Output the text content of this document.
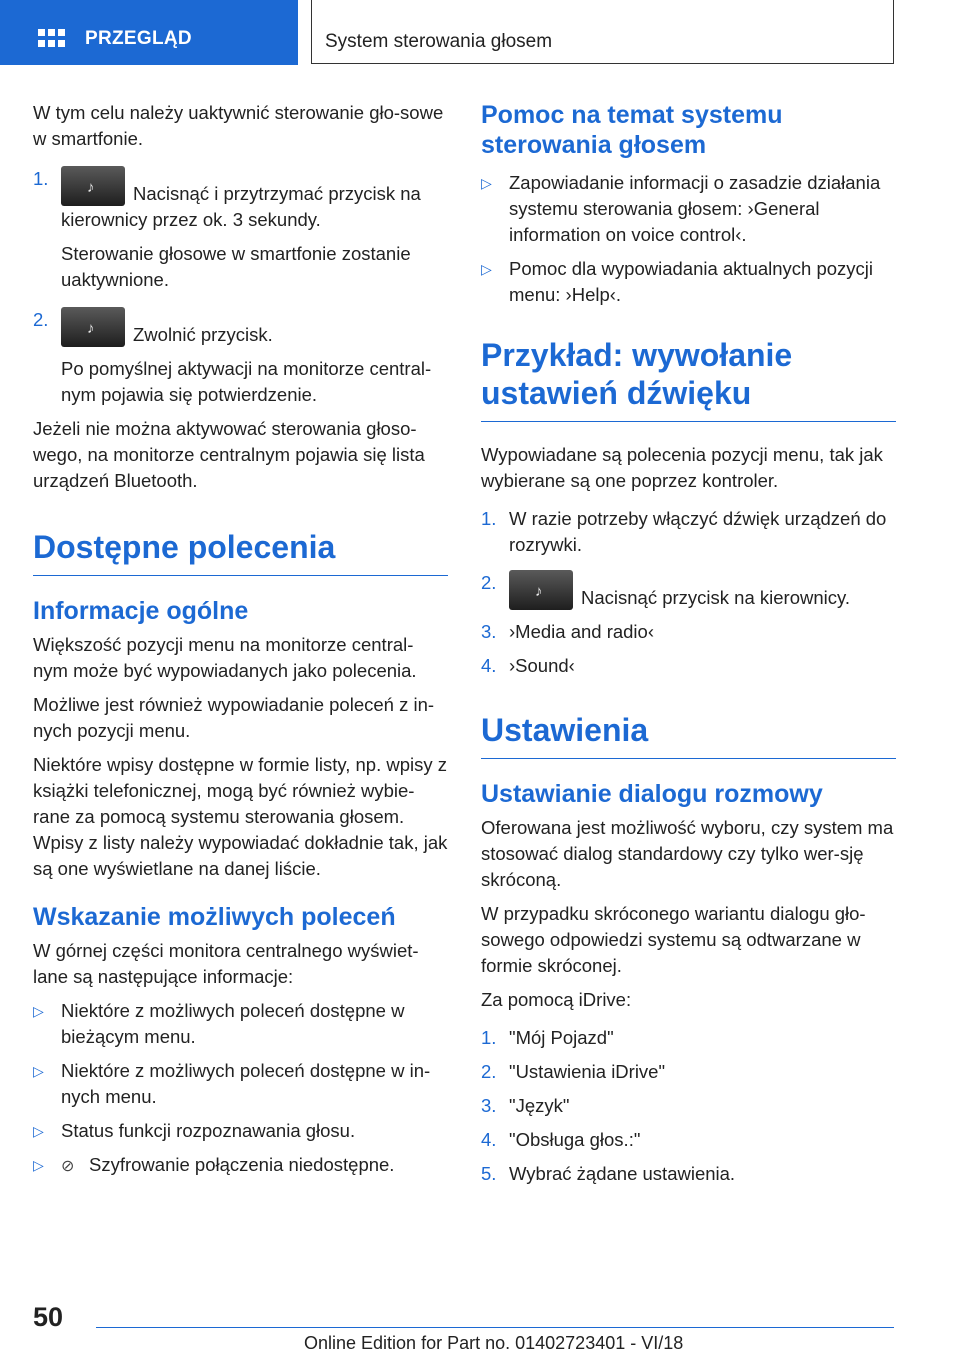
PRZEGLĄD	System sterowania głosem

W tym celu należy uaktywnić sterowanie gło-sowe w smartfonie.

1.
♪Nacisnąć i przytrzymać przycisk na kierownicy przez ok. 3 sekundy.
Sterowanie głosowe w smartfonie zostanie uaktywnione.
2.
♪Zwolnić przycisk.
Po pomyślnej aktywacji na monitorze central-nym pojawia się potwierdzenie.

Jeżeli nie można aktywować sterowania głoso-wego, na monitorze centralnym pojawia się lista urządzeń Bluetooth.

Dostępne polecenia
Informacje ogólne

Większość pozycji menu na monitorze central-nym może być wypowiadanych jako polecenia.

Możliwe jest również wypowiadanie poleceń z in-nych pozycji menu.

Niektóre wpisy dostępne w formie listy, np. wpisy z książki telefonicznej, mogą być również wybie-rane za pomocą systemu sterowania głosem. Wpisy z listy należy wypowiadać dokładnie tak, jak są one wyświetlane na danej liście.

Wskazanie możliwych poleceń

W górnej części monitora centralnego wyświet-lane są następujące informacje:

▷ Niektóre z możliwych poleceń dostępne w bieżącym menu.
▷ Niektóre z możliwych poleceń dostępne w in-nych menu.
▷ Status funkcji rozpoznawania głosu.
▷	⊘ Szyfrowanie połączenia niedostępne.
Pomoc na temat systemu sterowania głosem
▷ Zapowiadanie informacji o zasadzie działania systemu sterowania głosem: ›General information on voice control‹.
▷ Pomoc dla wypowiadania aktualnych pozycji menu: ›Help‹.
Przykład: wywołanie ustawień dźwięku

Wypowiadane są polecenia pozycji menu, tak jak wybierane są one poprzez kontroler.

1. W razie potrzeby włączyć dźwięk urządzeń do rozrywki.
2.
♪Nacisnąć przycisk na kierownicy.
3. ›Media and radio‹
4. ›Sound‹
Ustawienia
Ustawianie dialogu rozmowy

Oferowana jest możliwość wyboru, czy system ma stosować dialog standardowy czy tylko wer-sję skróconą.

W przypadku skróconego wariantu dialogu gło-sowego odpowiedzi systemu są odtwarzane w formie skróconej.

Za pomocą iDrive:

1. "Mój Pojazd"
2. "Ustawienia iDrive"
3. "Język"
4. "Obsługa głos.:"
5. Wybrać żądane ustawienia.
50
Online Edition for Part no. 01402723401 - VI/18
